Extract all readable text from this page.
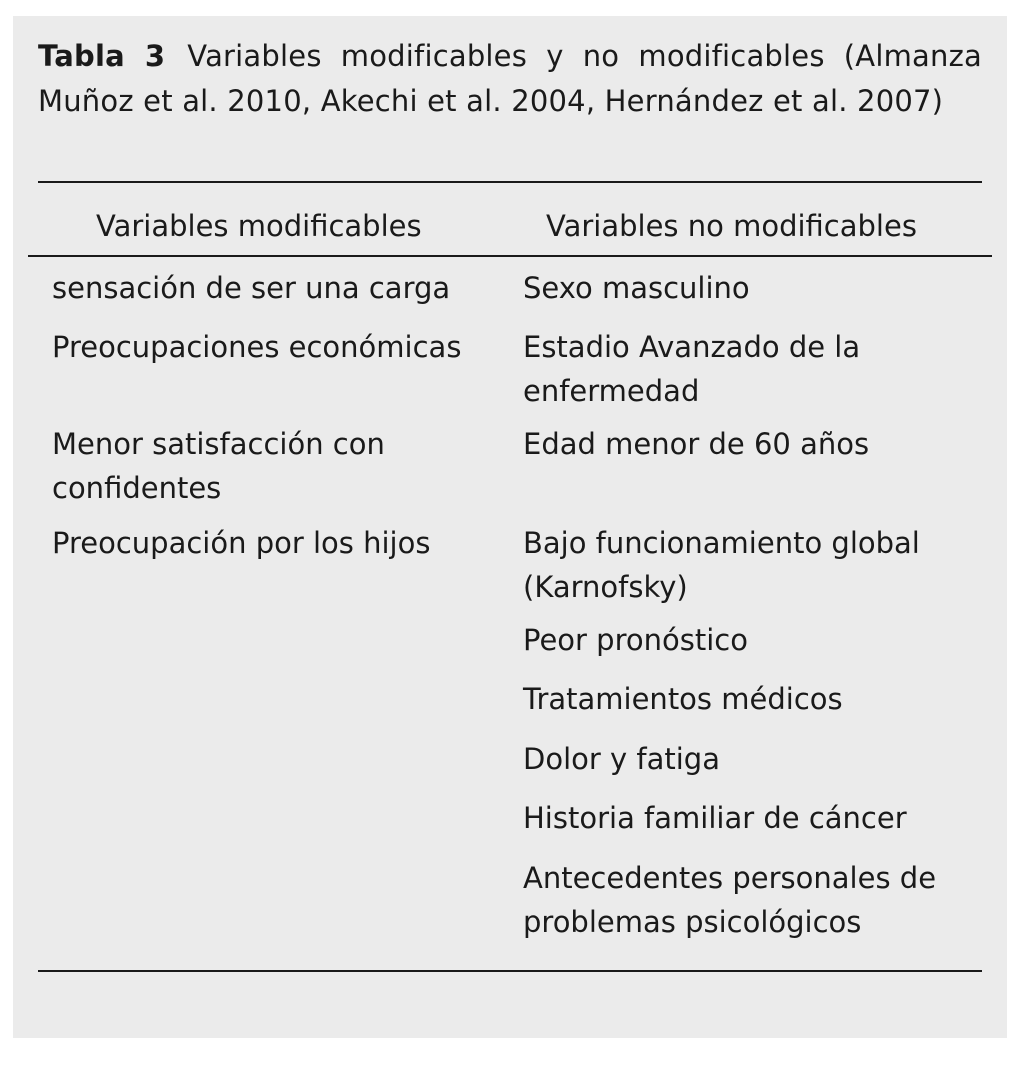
Tabla 3 Variables modificables y no modificables (Almanza Muñoz et al. 2010, Akechi et al. 2004, Hernández et al. 2007)
Variables modificables	Variables no modificables
sensación de ser una carga
Preocupaciones económicas
Menor satisfacción con confidentes
Preocupación por los hijos
Sexo masculino
Estadio Avanzado de la enfermedad
Edad menor de 60 años
Bajo funcionamiento global (Karnofsky)
Peor pronóstico
Tratamientos médicos
Dolor y fatiga
Historia familiar de cáncer
Antecedentes personales de problemas psicológicos
